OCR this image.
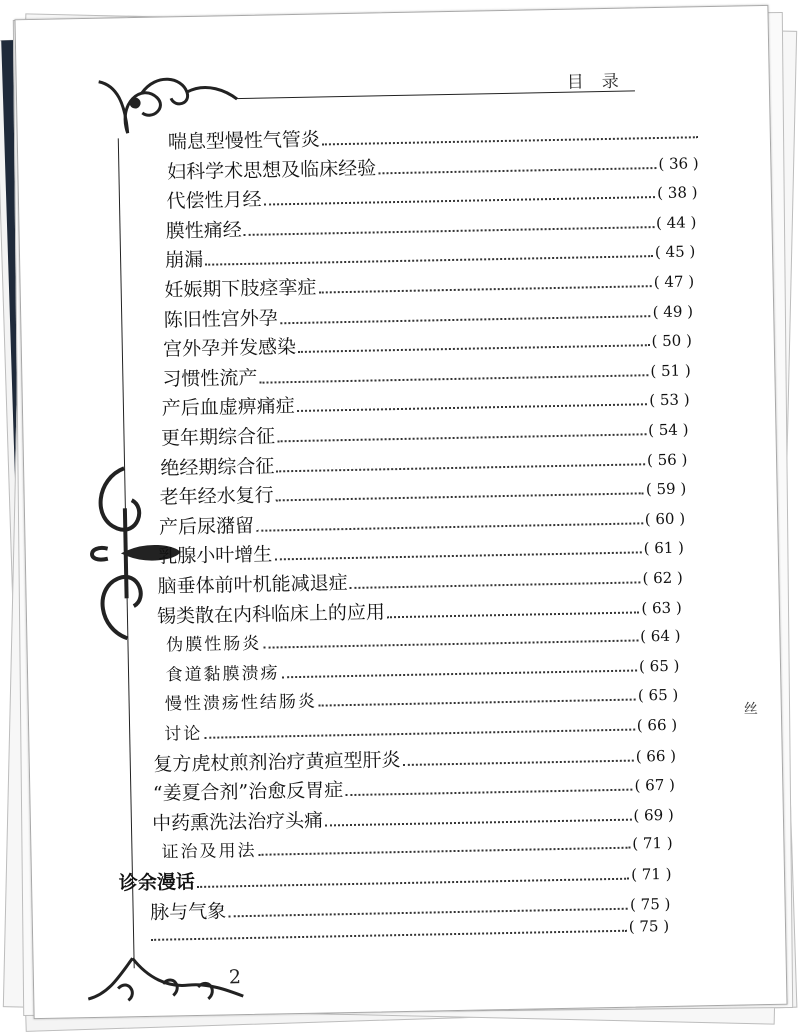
目录
2
丝
喘息型慢性气管炎
妇科学术思想及临床经验	( 36 )
代偿性月经	( 38 )
膜性痛经	( 44 )
崩漏	( 45 )
妊娠期下肢痉挛症	( 47 )
陈旧性宫外孕	( 49 )
宫外孕并发感染	( 50 )
习惯性流产	( 51 )
产后血虚痹痛症	( 53 )
更年期综合征	( 54 )
绝经期综合征	( 56 )
老年经水复行	( 59 )
产后尿潴留	( 60 )
乳腺小叶增生	( 61 )
脑垂体前叶机能减退症	( 62 )
锡类散在内科临床上的应用	( 63 )
伪膜性肠炎	( 64 )
食道黏膜溃疡	( 65 )
慢性溃疡性结肠炎	( 65 )
讨论	( 66 )
复方虎杖煎剂治疗黄疸型肝炎	( 66 )
“姜夏合剂”治愈反胃症	( 67 )
中药熏洗法治疗头痛	( 69 )
证治及用法	( 71 )
诊余漫话	( 71 )
脉与气象	( 75 )
( 75 )
